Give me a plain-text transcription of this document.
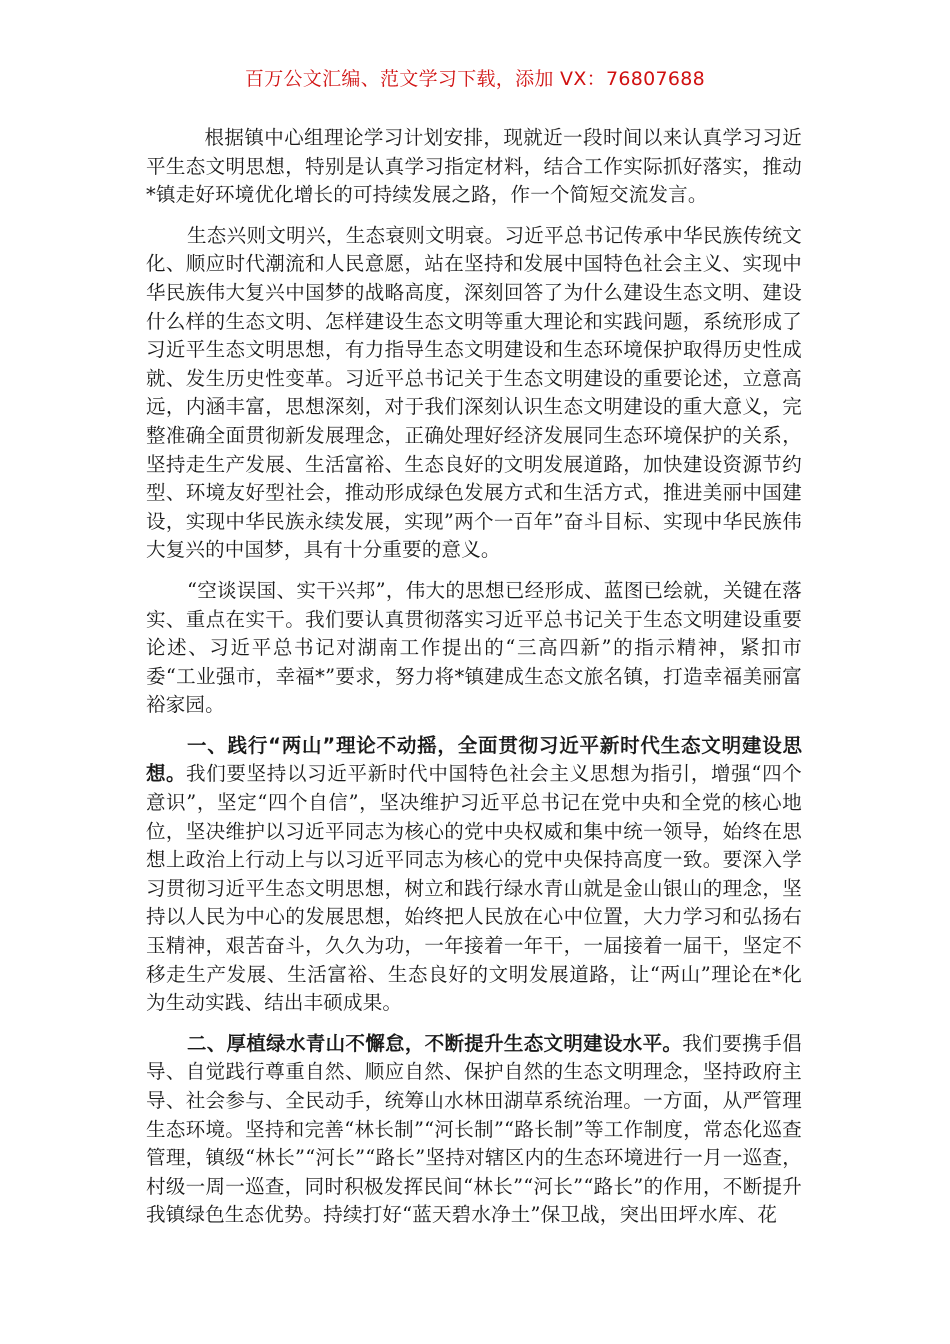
百万公文汇编、范文学习下载，添加 VX：76807688

根据镇中心组理论学习计划安排，现就近一段时间以来认真学习习近平生态文明思想，特别是认真学习指定材料，结合工作实际抓好落实，推动*镇走好环境优化增长的可持续发展之路，作一个简短交流发言。

生态兴则文明兴，生态衰则文明衰。习近平总书记传承中华民族传统文化、顺应时代潮流和人民意愿，站在坚持和发展中国特色社会主义、实现中华民族伟大复兴中国梦的战略高度，深刻回答了为什么建设生态文明、建设什么样的生态文明、怎样建设生态文明等重大理论和实践问题，系统形成了习近平生态文明思想，有力指导生态文明建设和生态环境保护取得历史性成就、发生历史性变革。习近平总书记关于生态文明建设的重要论述，立意高远，内涵丰富，思想深刻，对于我们深刻认识生态文明建设的重大意义，完整准确全面贯彻新发展理念，正确处理好经济发展同生态环境保护的关系，坚持走生产发展、生活富裕、生态良好的文明发展道路，加快建设资源节约型、环境友好型社会，推动形成绿色发展方式和生活方式，推进美丽中国建设，实现中华民族永续发展，实现”两个一百年”奋斗目标、实现中华民族伟大复兴的中国梦，具有十分重要的意义。

“空谈误国、实干兴邦”，伟大的思想已经形成、蓝图已绘就，关键在落实、重点在实干。我们要认真贯彻落实习近平总书记关于生态文明建设重要论述、习近平总书记对湖南工作提出的“三高四新”的指示精神，紧扣市委“工业强市，幸福*”要求，努力将*镇建成生态文旅名镇，打造幸福美丽富裕家园。

一、践行“两山”理论不动摇，全面贯彻习近平新时代生态文明建设思想。我们要坚持以习近平新时代中国特色社会主义思想为指引，增强“四个意识”，坚定“四个自信”，坚决维护习近平总书记在党中央和全党的核心地位，坚决维护以习近平同志为核心的党中央权威和集中统一领导，始终在思想上政治上行动上与以习近平同志为核心的党中央保持高度一致。要深入学习贯彻习近平生态文明思想，树立和践行绿水青山就是金山银山的理念，坚持以人民为中心的发展思想，始终把人民放在心中位置，大力学习和弘扬右玉精神，艰苦奋斗，久久为功，一年接着一年干，一届接着一届干，坚定不移走生产发展、生活富裕、生态良好的文明发展道路，让“两山”理论在*化为生动实践、结出丰硕成果。

二、厚植绿水青山不懈怠，不断提升生态文明建设水平。我们要携手倡导、自觉践行尊重自然、顺应自然、保护自然的生态文明理念，坚持政府主导、社会参与、全民动手，统筹山水林田湖草系统治理。一方面，从严管理生态环境。坚持和完善“林长制”“河长制”“路长制”等工作制度，常态化巡查管理，镇级“林长”“河长”“路长”坚持对辖区内的生态环境进行一月一巡查，村级一周一巡查，同时积极发挥民间“林长”“河长”“路长”的作用，不断提升我镇绿色生态优势。持续打好“蓝天碧水净土”保卫战，突出田坪水库、花
